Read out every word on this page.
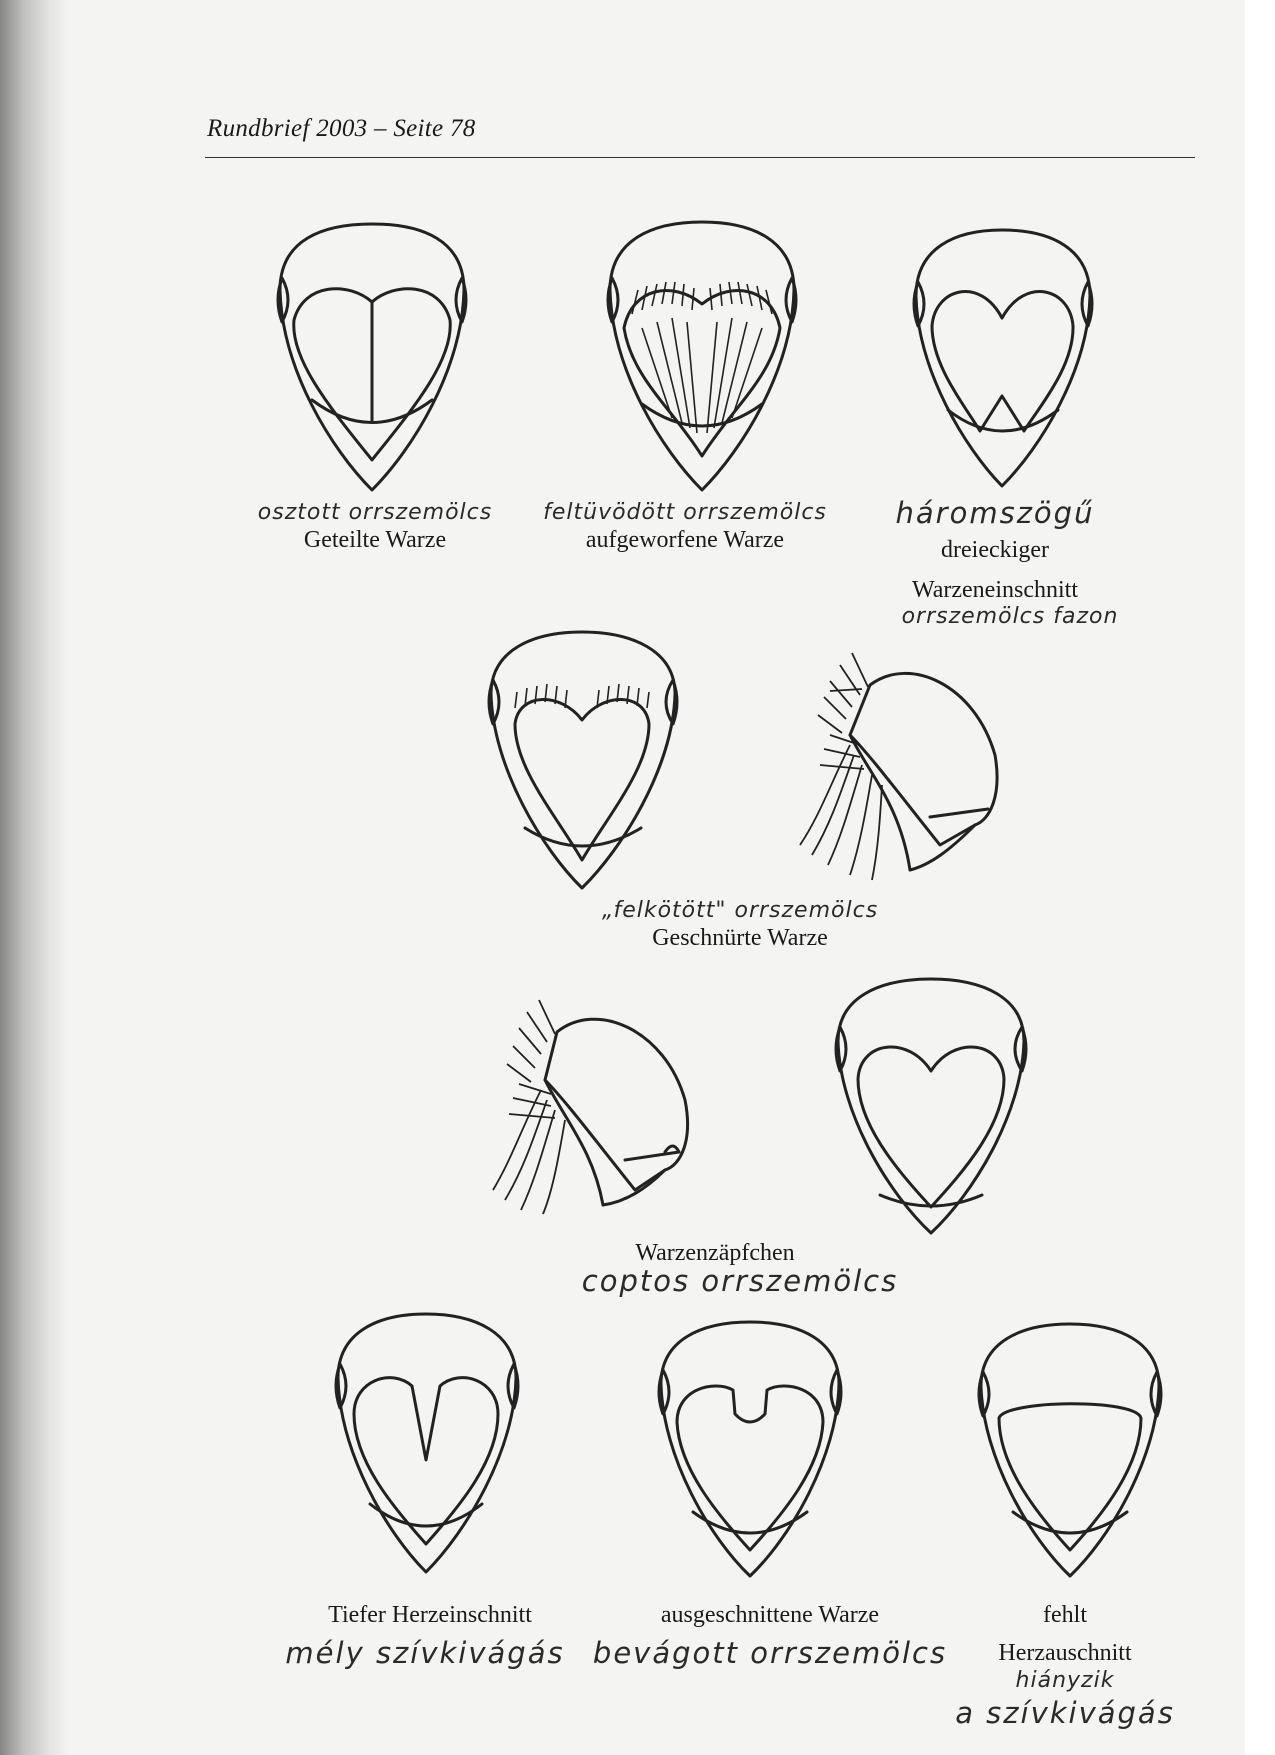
Rundbrief 2003 – Seite 78
osztott orrszemölcs
Geteilte Warze
feltüvödött orrszemölcs
aufgeworfene Warze
háromszögű
dreieckiger
Warzeneinschnitt
orrszemölcs fazon
„felkötött" orrszemölcs
Geschnürte Warze
Warzenzäpfchen
coptos orrszemölcs
Tiefer Herzeinschnitt
mély szívkivágás
ausgeschnittene Warze
bevágott orrszemölcs
fehlt
Herzauschnitt
hiányzik
a szívkivágás
